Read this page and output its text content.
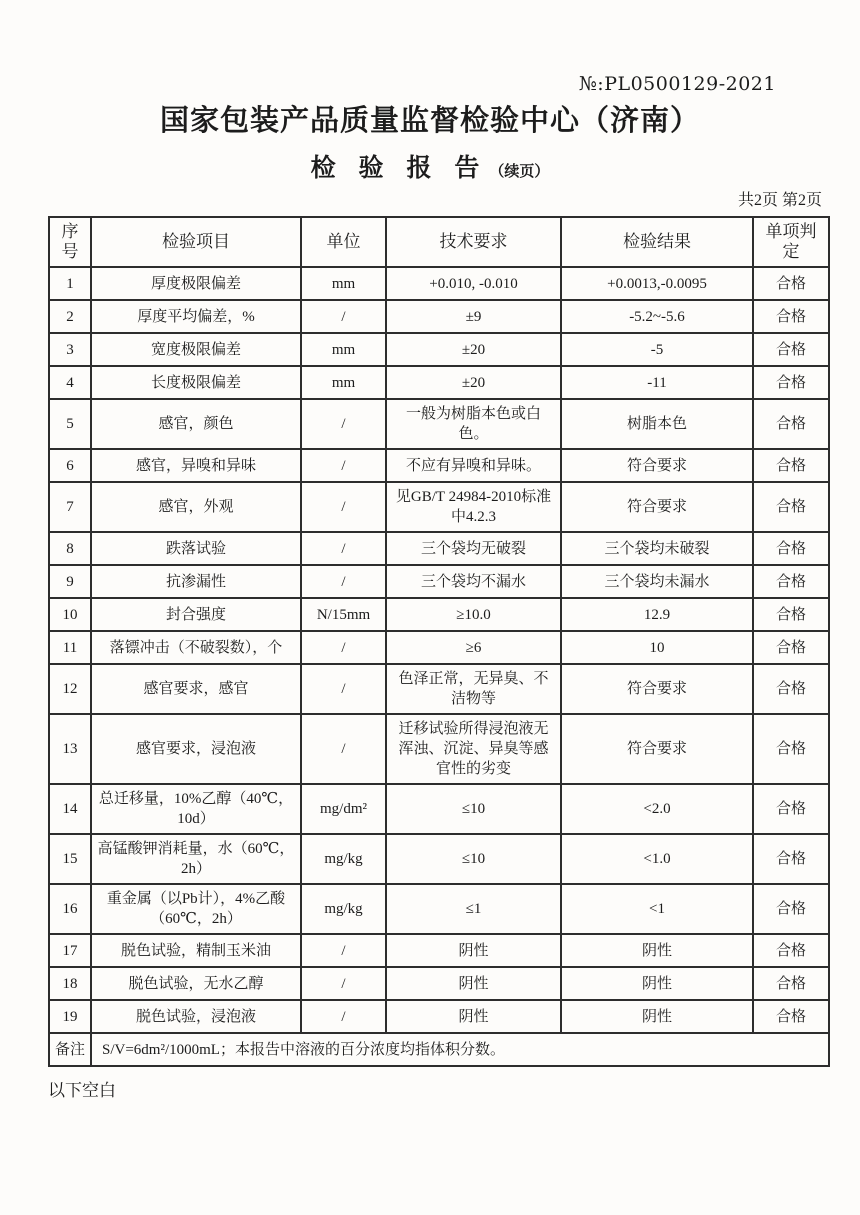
№:PL0500129-2021
国家包装产品质量监督检验中心（济南）
检 验 报 告 （续页）
共2页 第2页
序号	检验项目	单位	技术要求	检验结果	单项判定
1	厚度极限偏差	mm	+0.010, -0.010	+0.0013,-0.0095	合格
2	厚度平均偏差，%	/	±9	-5.2~-5.6	合格
3	宽度极限偏差	mm	±20	-5	合格
4	长度极限偏差	mm	±20	-11	合格
5	感官，颜色	/	一般为树脂本色或白色。	树脂本色	合格
6	感官，异嗅和异味	/	不应有异嗅和异味。	符合要求	合格
7	感官，外观	/	见GB/T 24984-2010标准中4.2.3	符合要求	合格
8	跌落试验	/	三个袋均无破裂	三个袋均未破裂	合格
9	抗渗漏性	/	三个袋均不漏水	三个袋均未漏水	合格
10	封合强度	N/15mm	≥10.0	12.9	合格
11	落镖冲击（不破裂数），个	/	≥6	10	合格
12	感官要求，感官	/	色泽正常，无异臭、不洁物等	符合要求	合格
13	感官要求，浸泡液	/	迁移试验所得浸泡液无浑浊、沉淀、异臭等感官性的劣变	符合要求	合格
14	总迁移量，10%乙醇（40℃，10d）	mg/dm²	≤10	<2.0	合格
15	高锰酸钾消耗量，水（60℃，2h）	mg/kg	≤10	<1.0	合格
16	重金属（以Pb计），4%乙酸（60℃，2h）	mg/kg	≤1	<1	合格
17	脱色试验，精制玉米油	/	阴性	阴性	合格
18	脱色试验，无水乙醇	/	阴性	阴性	合格
19	脱色试验，浸泡液	/	阴性	阴性	合格
备注	S/V=6dm²/1000mL；本报告中溶液的百分浓度均指体积分数。				
以下空白
